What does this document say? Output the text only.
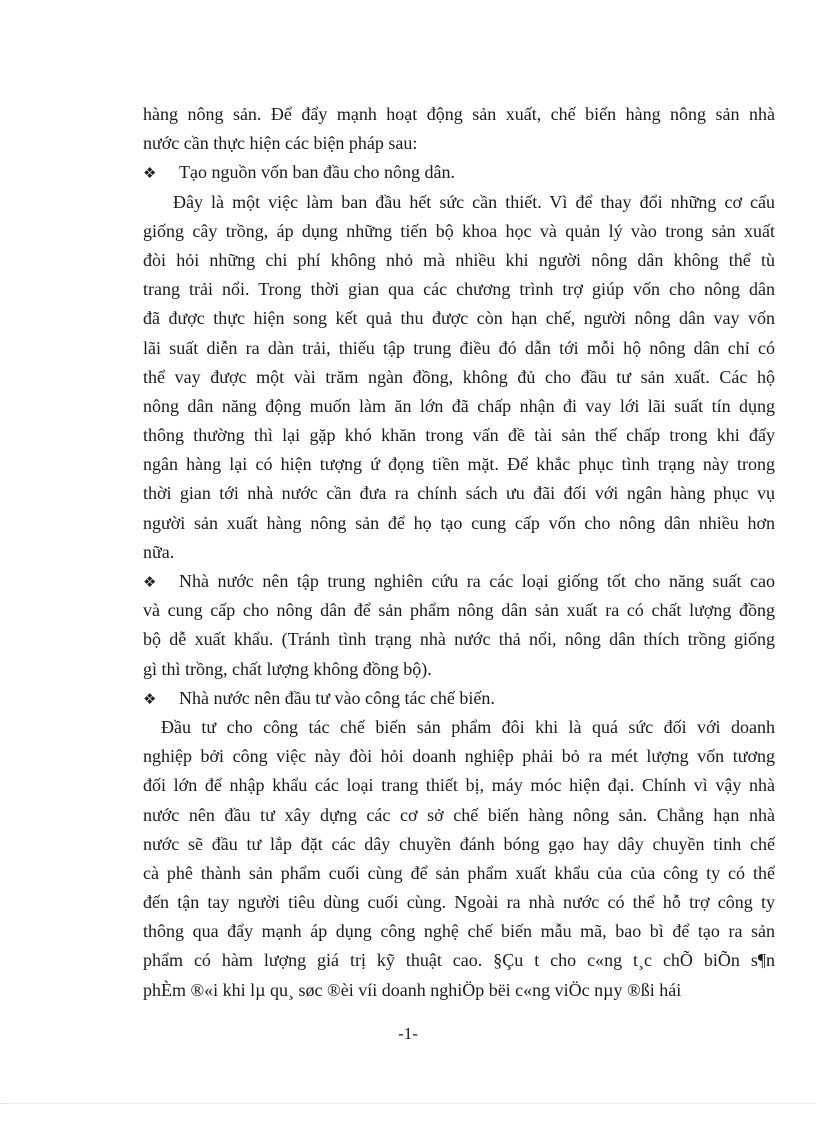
hàng nông sản. Để đẩy mạnh hoạt động sản xuất, chế biến hàng nông sản nhà
nước cần thực hiện các biện pháp sau:
❖ Tạo nguồn vốn ban đầu cho nông dân.
Đây là một việc làm ban đầu hết sức cần thiết. Vì để thay đổi những cơ cấu
giống cây trồng, áp dụng những tiến bộ khoa học và quản lý vào trong sản xuất
đòi hỏi những chi phí không nhỏ mà nhiều khi người nông dân không thể tù
trang trải nổi. Trong thời gian qua các chương trình trợ giúp vốn cho nông dân
đã được thực hiện song kết quả thu được còn hạn chế, người nông dân vay vốn
lãi suất diễn ra dàn trải, thiếu tập trung điều đó dẫn tới mỗi hộ nông dân chỉ có
thể vay được một vài trăm ngàn đồng, không đủ cho đầu tư sản xuất. Các hộ
nông dân năng động muốn làm ăn lớn đã chấp nhận đi vay lới lãi suất tín dụng
thông thường thì lại gặp khó khăn trong vấn đề tài sản thế chấp trong khi đấy
ngân hàng lại có hiện tượng ứ đọng tiền mặt. Để khắc phục tình trạng này trong
thời gian tới nhà nước cần đưa ra chính sách ưu đãi đối với ngân hàng phục vụ
người sản xuất hàng nông sản để họ tạo cung cấp vốn cho nông dân nhiều hơn
nữa.
❖ Nhà nước nên tập trung nghiên cứu ra các loại giống tốt cho năng suất cao
và cung cấp cho nông dân để sản phẩm nông dân sản xuất ra có chất lượng đồng
bộ dễ xuất khẩu. (Tránh tình trạng nhà nước thả nổi, nông dân thích trồng giống
gì thì trồng, chất lượng không đồng bộ).
❖ Nhà nước nên đầu tư vào công tác chế biến.
Đầu tư cho công tác chế biến sản phẩm đôi khi là quá sức đối với doanh
nghiệp bởi công việc này đòi hỏi doanh nghiệp phải bỏ ra mét lượng vốn tương
đối lớn để nhập khẩu các loại trang thiết bị, máy móc hiện đại. Chính vì vậy nhà
nước nên đầu tư xây dựng các cơ sở chế biến hàng nông sản. Chẳng hạn nhà
nước sẽ đầu tư lắp đặt các dây chuyền đánh bóng gạo hay dây chuyền tinh chế
cà phê thành sản phẩm cuối cùng để sản phẩm xuất khẩu của của công ty có thể
đến tận tay người tiêu dùng cuối cùng. Ngoài ra nhà nước có thể hỗ trợ công ty
thông qua đẩy mạnh áp dụng công nghệ chế biến mẫu mã, bao bì để tạo ra sản
phẩm có hàm lượng giá trị kỹ thuật cao. §Çu t cho c«ng t¸c chÕ biÕn s¶n
phÈm ®«i khi lµ qu¸ søc ®èi víi doanh nghiÖp bëi c«ng viÖc nµy ®ßi hái
-1-
